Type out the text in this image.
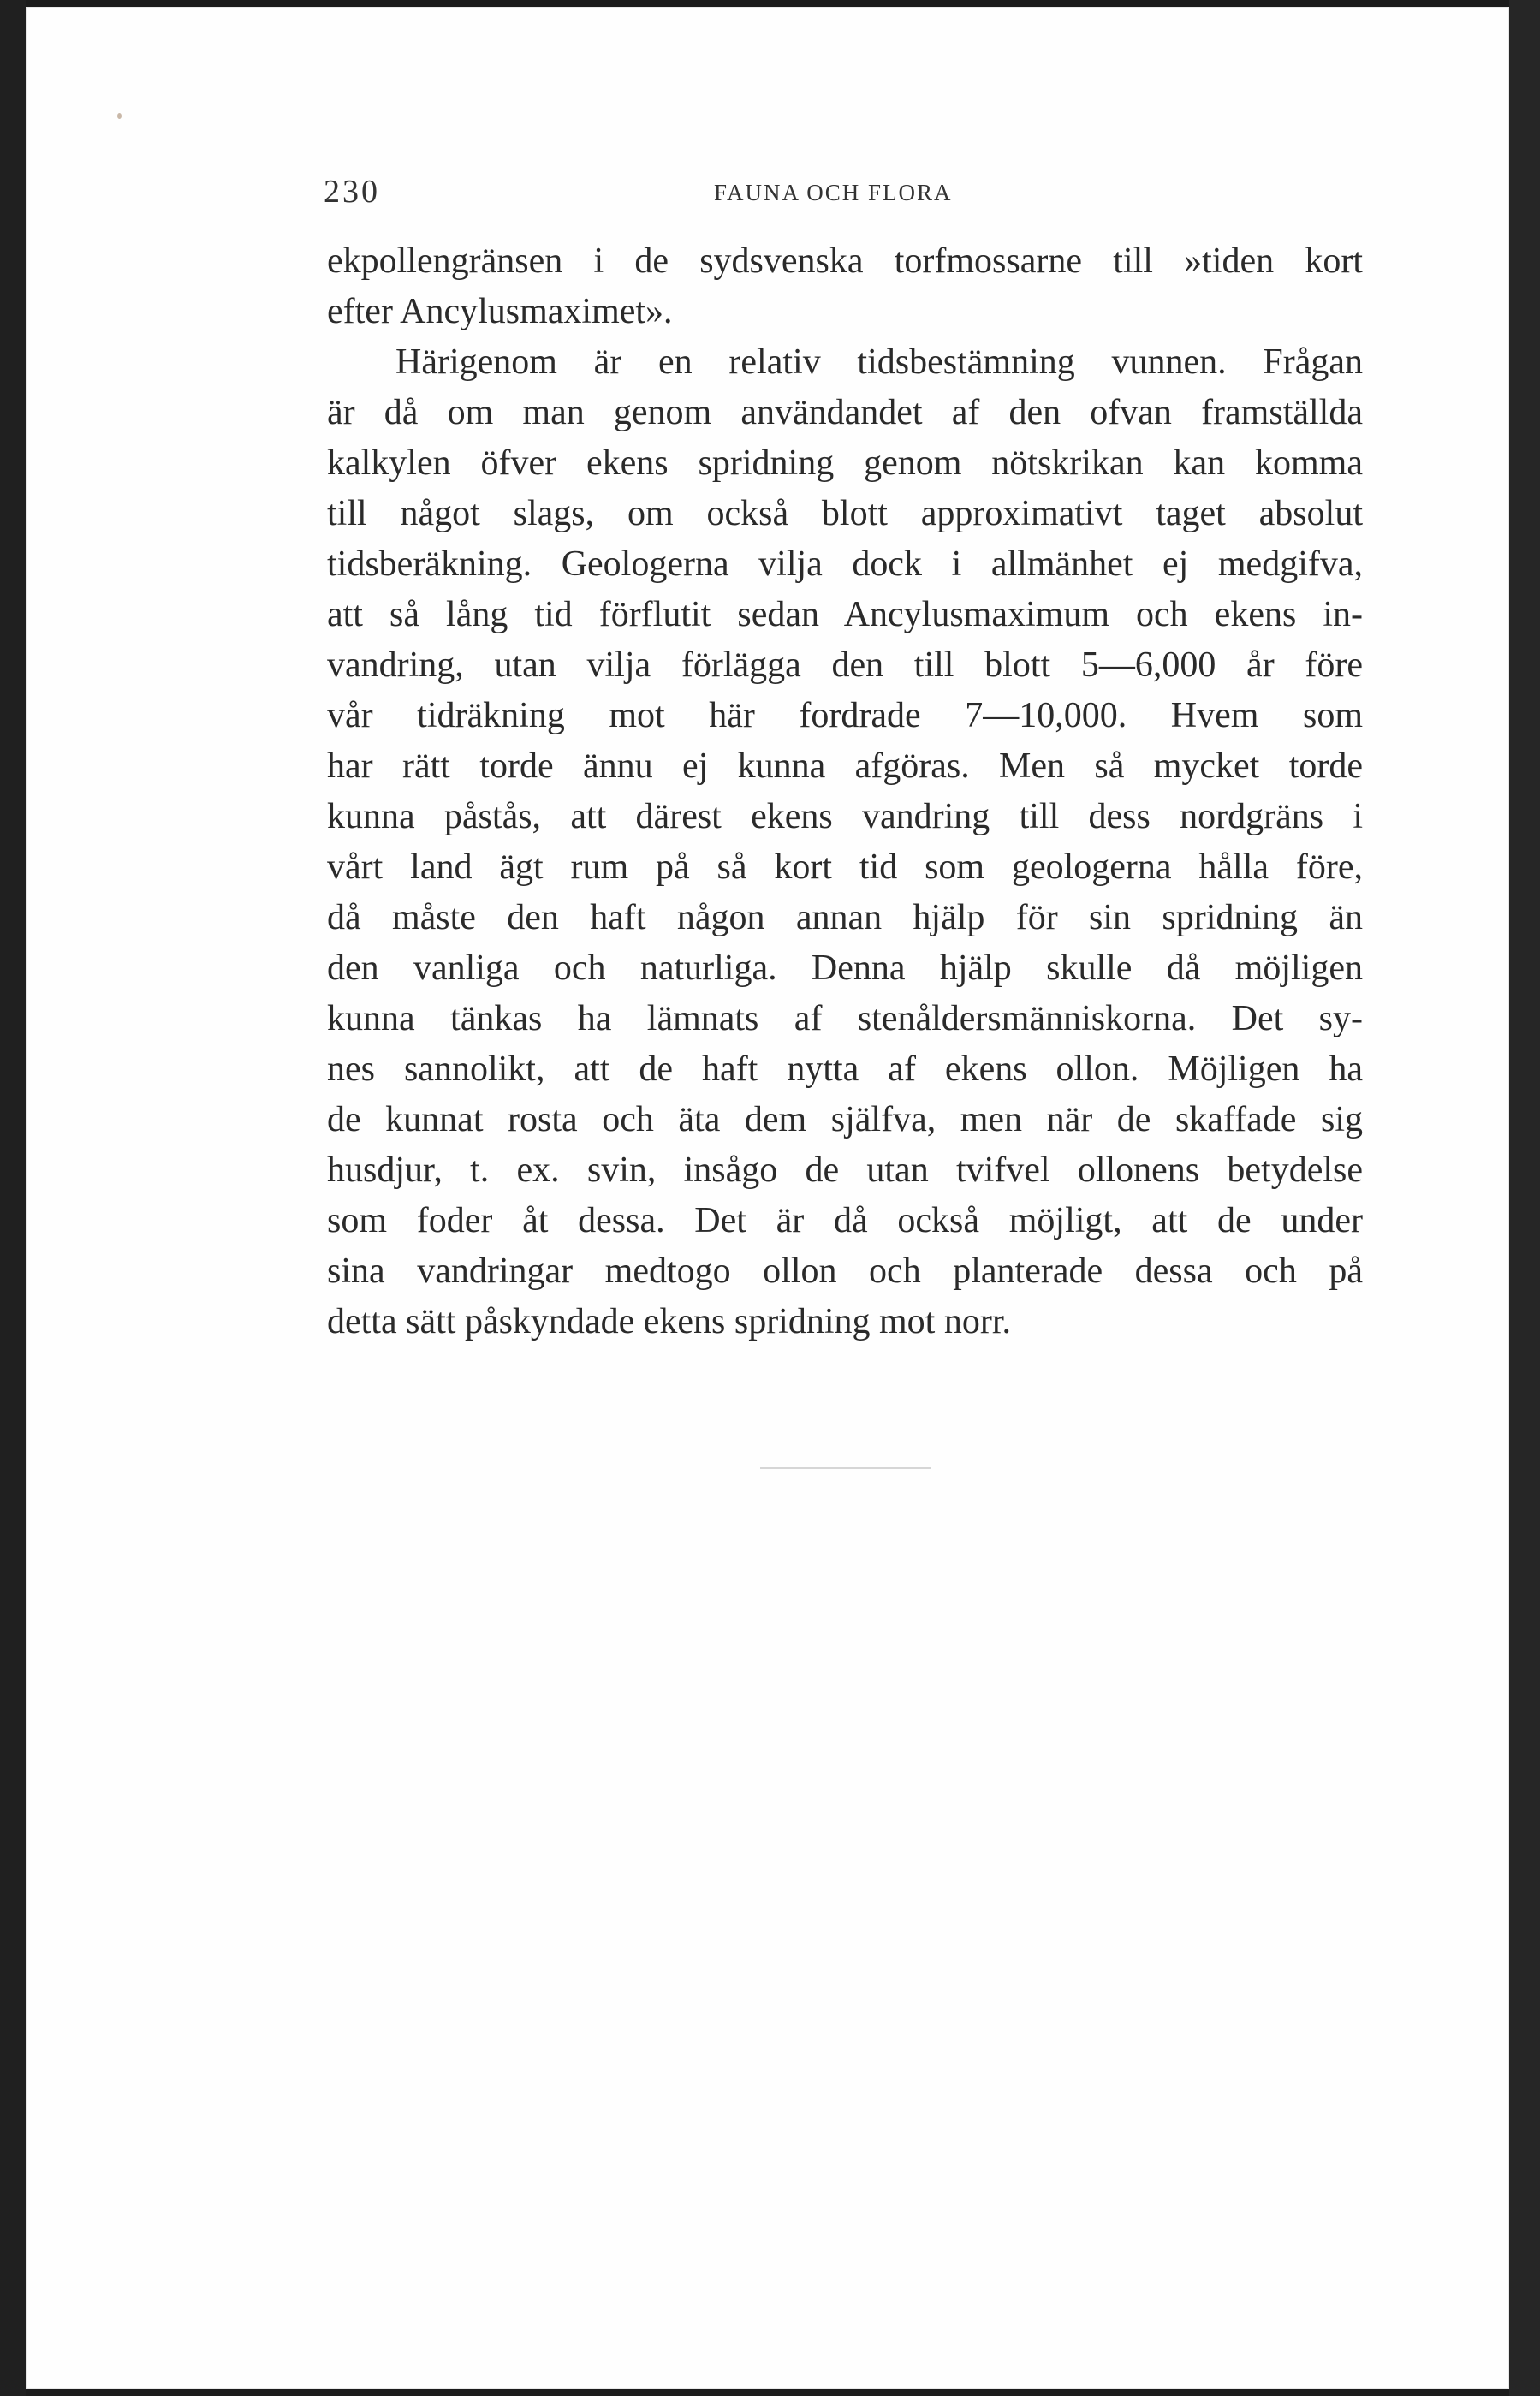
230	FAUNA OCH FLORA

ekpollengränsen i de sydsvenska torfmossarne till »tiden kort
efter Ancylusmaximet».

Härigenom är en relativ tidsbestämning vunnen. Frågan
är då om man genom användandet af den ofvan framställda
kalkylen öfver ekens spridning genom nötskrikan kan komma
till något slags, om också blott approximativt taget absolut
tidsberäkning. Geologerna vilja dock i allmänhet ej medgifva,
att så lång tid förflutit sedan Ancylusmaximum och ekens in-
vandring, utan vilja förlägga den till blott 5—6,000 år före
vår tidräkning mot här fordrade 7—10,000. Hvem som
har rätt torde ännu ej kunna afgöras. Men så mycket torde
kunna påstås, att därest ekens vandring till dess nordgräns i
vårt land ägt rum på så kort tid som geologerna hålla före,
då måste den haft någon annan hjälp för sin spridning än
den vanliga och naturliga. Denna hjälp skulle då möjligen
kunna tänkas ha lämnats af stenåldersmänniskorna. Det sy-
nes sannolikt, att de haft nytta af ekens ollon. Möjligen ha
de kunnat rosta och äta dem själfva, men när de skaffade sig
husdjur, t. ex. svin, insågo de utan tvifvel ollonens betydelse
som foder åt dessa. Det är då också möjligt, att de under
sina vandringar medtogo ollon och planterade dessa och på
detta sätt påskyndade ekens spridning mot norr.
